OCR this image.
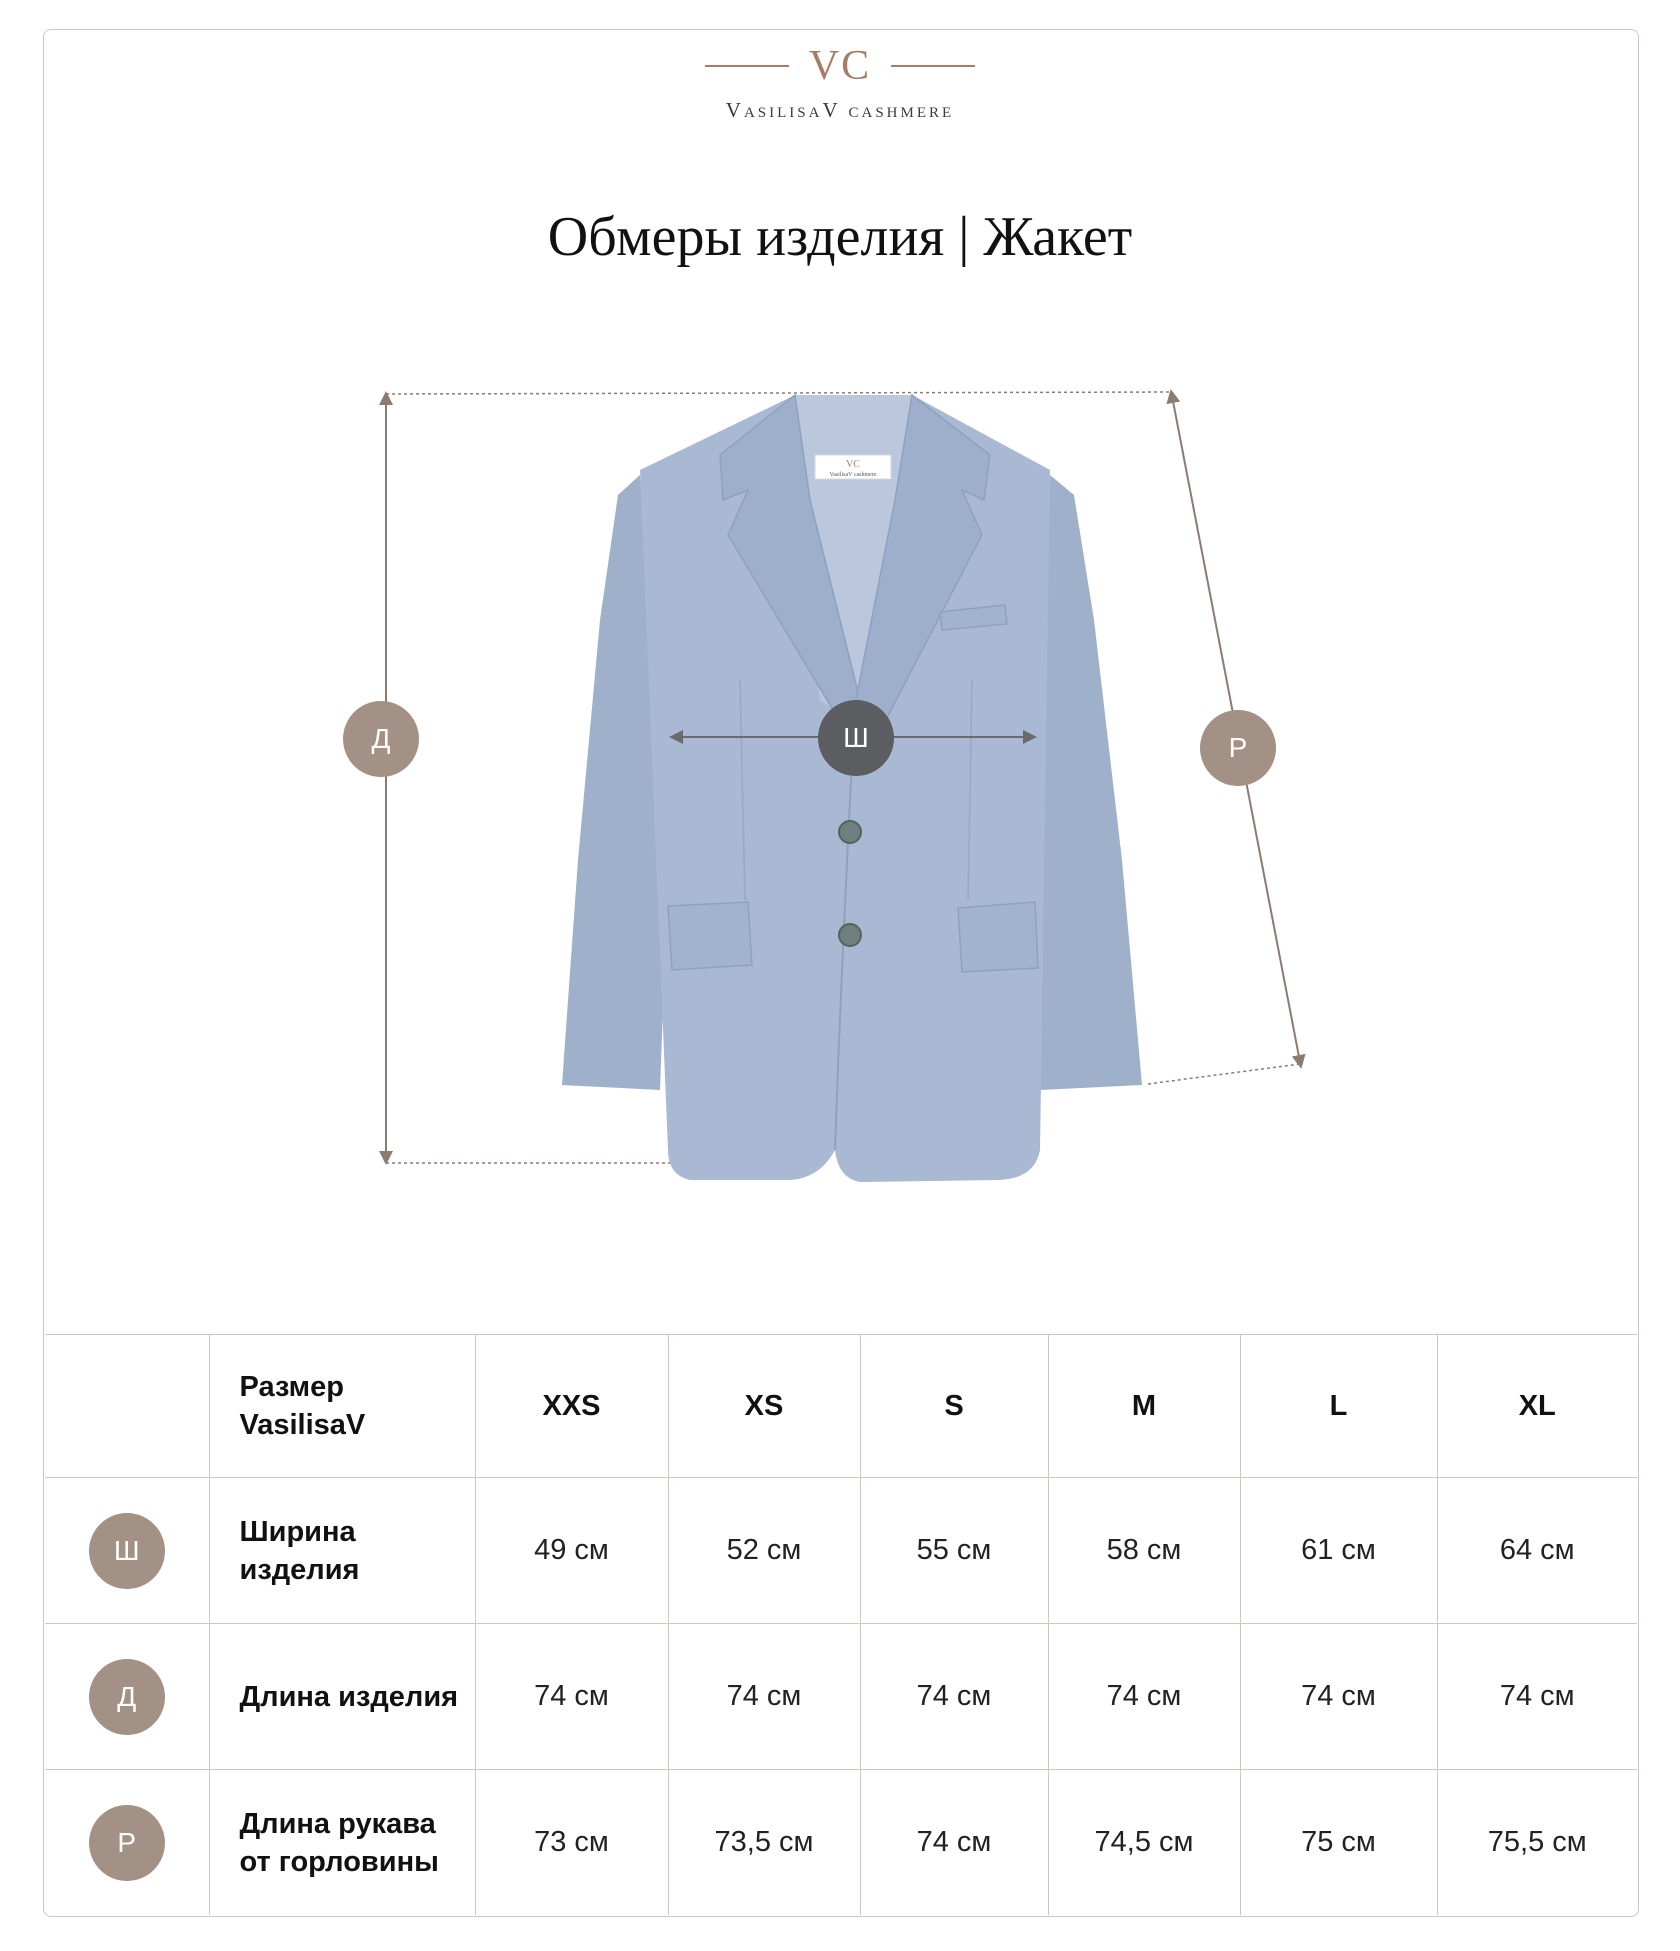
VC
VasilisaV cashmere
Обмеры изделия | Жакет
VC
VasilisaV cashmere
Д	Ш	Р
	Размер VasilisaV	XXS	XS	S	M	L	XL
Ш	Ширина изделия	49 см	52 см	55 см	58 см	61 см	64 см
Д	Длина изделия	74 см	74 см	74 см	74 см	74 см	74 см
Р	Длина рукава от горловины	73 см	73,5 см	74 см	74,5 см	75 см	75,5 см
